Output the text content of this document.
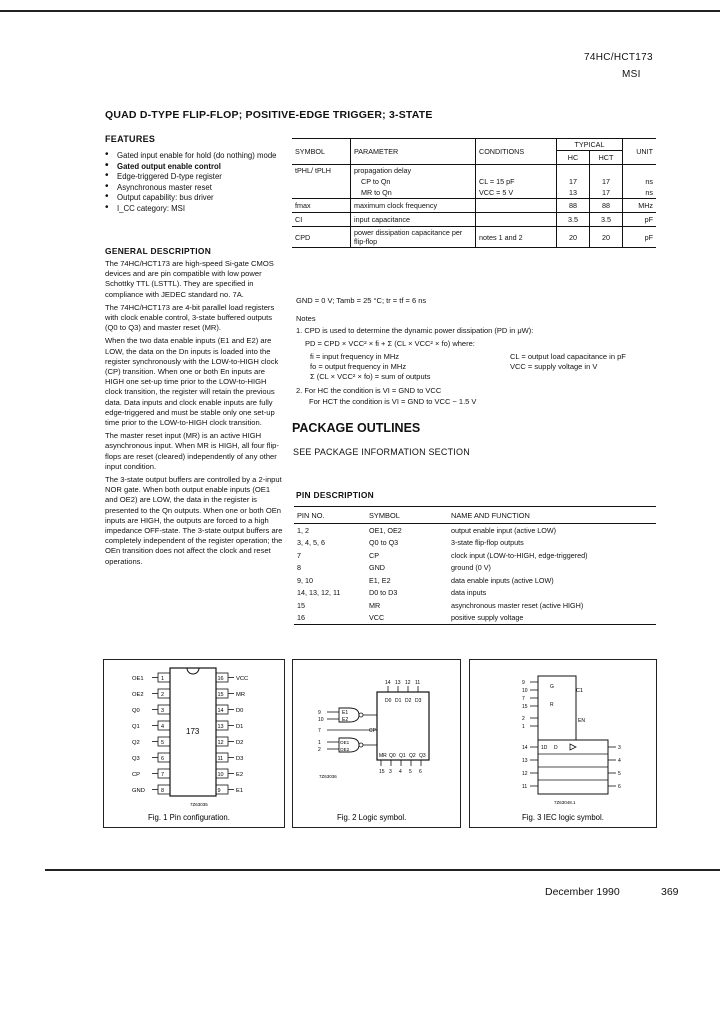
74HC/HCT173
MSI
QUAD D-TYPE FLIP-FLOP; POSITIVE-EDGE TRIGGER; 3-STATE
FEATURES
• Gated input enable for hold (do nothing) mode
• Gated output enable control
• Edge-triggered D-type register
• Asynchronous master reset
• Output capability: bus driver
• I_CC category: MSI
GENERAL DESCRIPTION

The 74HC/HCT173 are high-speed Si-gate CMOS devices and are pin compatible with low power Schottky TTL (LSTTL). They are specified in compliance with JEDEC standard no. 7A.

The 74HC/HCT173 are 4-bit parallel load registers with clock enable control, 3-state buffered outputs (Q0 to Q3) and master reset (MR).

When the two data enable inputs (E1 and E2) are LOW, the data on the Dn inputs is loaded into the register synchronously with the LOW-to-HIGH clock (CP) transition. When one or both En inputs are HIGH one set-up time prior to the LOW-to-HIGH clock transition, the register will retain the previous data. Data inputs and clock enable inputs are fully edge-triggered and must be stable only one set-up time prior to the LOW-to-HIGH clock transition.

The master reset input (MR) is an active HIGH asynchronous input. When MR is HIGH, all four flip-flops are reset (cleared) independently of any other input condition.

The 3-state output buffers are controlled by a 2-input NOR gate. When both output enable inputs (OE1 and OE2) are LOW, the data in the register is presented to the Qn outputs. When one or both OEn inputs are HIGH, the outputs are forced to a high impedance OFF-state. The 3-state output buffers are completely independent of the register operation; the OEn transition does not affect the clock and reset operations.

SYMBOL	PARAMETER	CONDITIONS	TYPICAL		UNIT
			HC	HCT	
tPHL/ tPLH	propagation delay				
	CP to Qn	CL = 15 pF	17	17	ns
	MR to Qn	VCC = 5 V	13	17	ns
fmax	maximum clock frequency		88	88	MHz
CI	input capacitance		3.5	3.5	pF
CPD	power dissipation capacitance per flip-flop	notes 1 and 2	20	20	pF
GND = 0 V; Tamb = 25 °C; tr = tf = 6 ns
Notes
1. CPD is used to determine the dynamic power dissipation (PD in μW):
PD = CPD × VCC² × fi + Σ (CL × VCC² × fo) where:
fi = input frequency in MHz
fo = output frequency in MHz
Σ (CL × VCC² × fo) = sum of outputs
CL = output load capacitance in pF
VCC = supply voltage in V
2. For HC the condition is VI = GND to VCC
For HCT the condition is VI = GND to VCC − 1.5 V
PACKAGE OUTLINES
SEE PACKAGE INFORMATION SECTION
PIN DESCRIPTION
PIN NO.	SYMBOL	NAME AND FUNCTION
1, 2	OE1, OE2	output enable input (active LOW)
3, 4, 5, 6	Q0 to Q3	3-state flip-flop outputs
7	CP	clock input (LOW-to-HIGH, edge-triggered)
8	GND	ground (0 V)
9, 10	E1, E2	data enable inputs (active LOW)
14, 13, 12, 11	D0 to D3	data inputs
15	MR	asynchronous master reset (active HIGH)
16	VCC	positive supply voltage
173
1
OE1
2
OE2
3
Q0
4
Q1
5
Q2
6
Q3
7
CP
8
GND
16 VCC
15 MR
14 D0
13 D1
12 D2
11 D3
10 E2
9	E1
7Z63035
Fig. 1 Pin configuration.
14
D0
13
D1
12
D2
11
D3
MR
15
Q0
3
Q1
4
Q2
5
Q3
6
E1
9
E2
10
7	CP
OE1
1
OE2
2
7Z63036
Fig. 2 Logic symbol.
C1
G
R
EN
1D D
9
10
7
15
2
1
14
13
12
11
3
4
5
6
7Z63048.1
Fig. 3 IEC logic symbol.
December 1990	369
